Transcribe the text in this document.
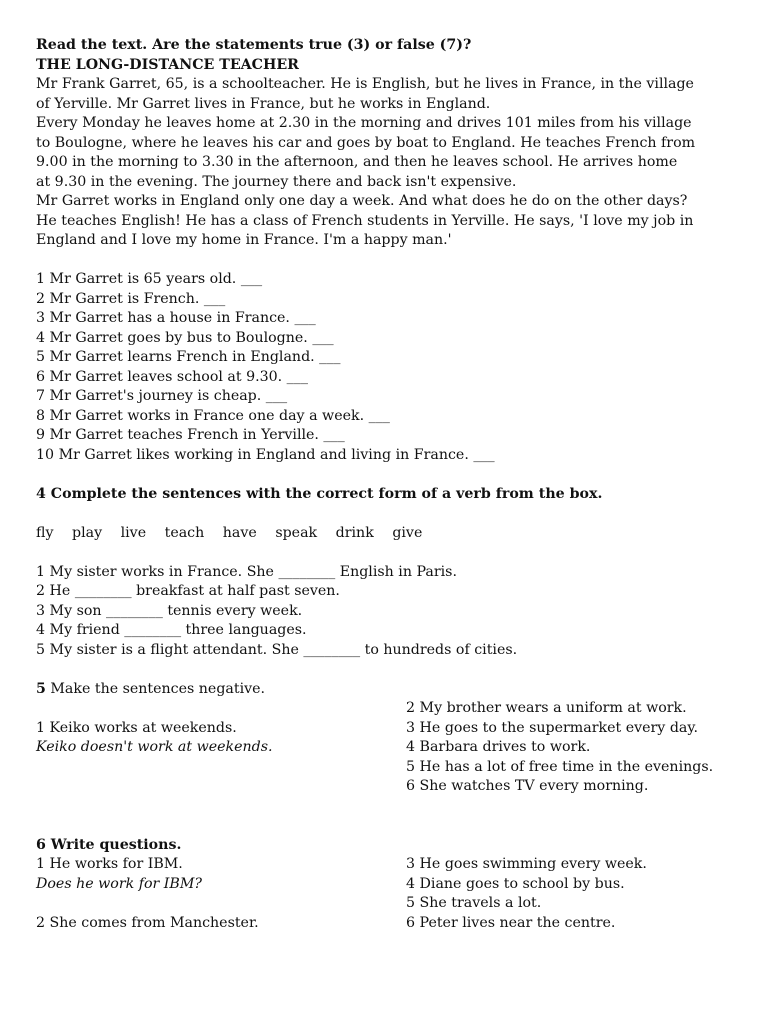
Read the text. Are the statements true (3) or false (7)?
THE LONG-DISTANCE TEACHER
Mr Frank Garret, 65, is a schoolteacher. He is English, but he lives in France, in the village
of Yerville. Mr Garret lives in France, but he works in England.
Every Monday he leaves home at 2.30 in the morning and drives 101 miles from his village
to Boulogne, where he leaves his car and goes by boat to England. He teaches French from
9.00 in the morning to 3.30 in the afternoon, and then he leaves school. He arrives home
at 9.30 in the evening. The journey there and back isn't expensive.
Mr Garret works in England only one day a week. And what does he do on the other days?
He teaches English! He has a class of French students in Yerville. He says, 'I love my job in
England and I love my home in France. I'm a happy man.'
1 Mr Garret is 65 years old. ___
2 Mr Garret is French. ___
3 Mr Garret has a house in France. ___
4 Mr Garret goes by bus to Boulogne. ___
5 Mr Garret learns French in England. ___
6 Mr Garret leaves school at 9.30. ___
7 Mr Garret's journey is cheap. ___
8 Mr Garret works in France one day a week. ___
9 Mr Garret teaches French in Yerville. ___
10 Mr Garret likes working in England and living in France. ___
4 Complete the sentences with the correct form of a verb from the box.
fly play live teach have speak drink give
1 My sister works in France. She ________ English in Paris.
2 He ________ breakfast at half past seven.
3 My son ________ tennis every week.
4 My friend ________ three languages.
5 My sister is a flight attendant. She ________ to hundreds of cities.
5 Make the sentences negative.
1 Keiko works at weekends.
Keiko doesn't work at weekends.
2 My brother wears a uniform at work.
3 He goes to the supermarket every day.
4 Barbara drives to work.
5 He has a lot of free time in the evenings.
6 She watches TV every morning.
6 Write questions.
1 He works for IBM.
Does he work for IBM?
2 She comes from Manchester.
3 He goes swimming every week.
4 Diane goes to school by bus.
5 She travels a lot.
6 Peter lives near the centre.
